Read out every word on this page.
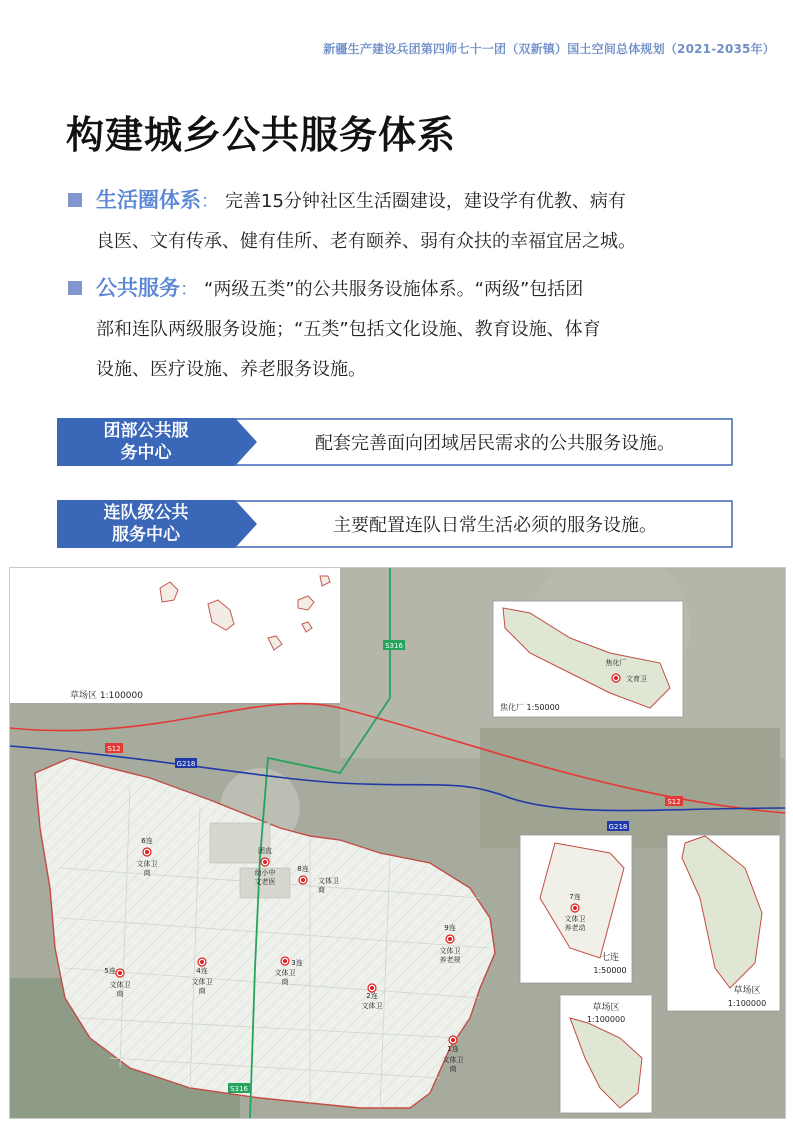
新疆生产建设兵团第四师七十一团（双新镇）国土空间总体规划（2021-2035年）
构建城乡公共服务体系
生活圈体系： 完善15分钟社区生活圈建设，建设学有优教、病有
良医、文有传承、健有佳所、老有颐养、弱有众扶的幸福宜居之城。
公共服务： “两级五类”的公共服务设施体系。“两级”包括团
部和连队两级服务设施；“五类”包括文化设施、教育设施、体育
设施、医疗设施、养老服务设施。
团部公共服
务中心	配套完善面向团域居民需求的公共服务设施。
连队级公共
服务中心	主要配置连队日常生活必须的服务设施。
草场区 1:100000
S316
S12
G218
S12
G218
S316
6连
文体卫
商
团直
幼小中
文老医
8连
文体卫
商
9连
文体卫
养老规
5连
文体卫
商
4连
文体卫
商
3连
文体卫
商
2连
文体卫
1连
文体卫
商
焦化厂
文育卫
焦化厂 1:50000
7连
文体卫
养老动
七连
1:50000
草场区
1:100000
草场区
1:100000
